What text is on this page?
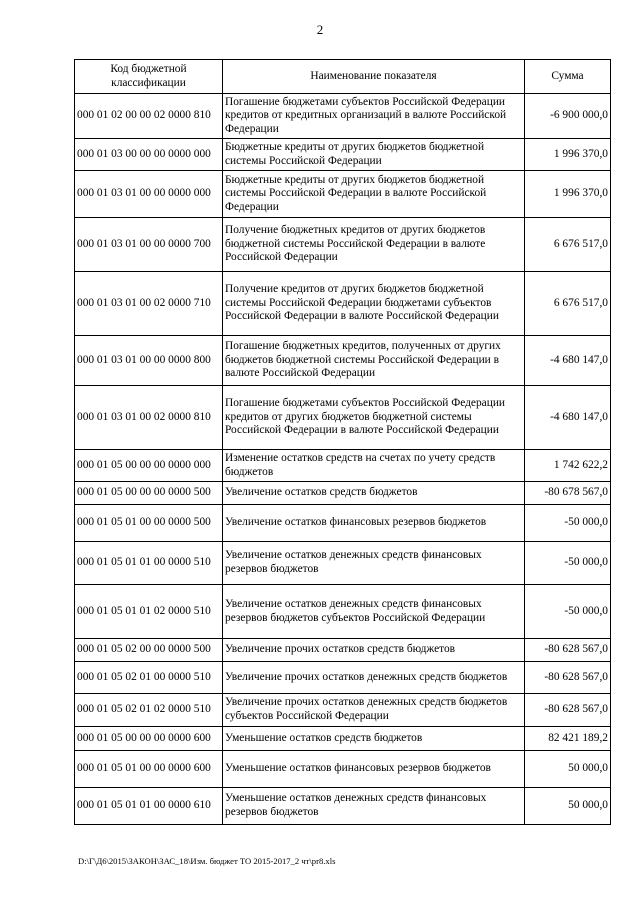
2
Код бюджетной классификации	Наименование показателя	Сумма
000 01 02 00 00 02 0000 810	Погашение бюджетами субъектов Российской Федерации кредитов от кредитных организаций в валюте Российской Федерации	-6 900 000,0
000 01 03 00 00 00 0000 000	Бюджетные кредиты от других бюджетов бюджетной системы Российской Федерации	1 996 370,0
000 01 03 01 00 00 0000 000	Бюджетные кредиты от других бюджетов бюджетной системы Российской Федерации в валюте Российской Федерации	1 996 370,0
000 01 03 01 00 00 0000 700	Получение бюджетных кредитов от других бюджетов бюджетной системы Российской Федерации в валюте Российской Федерации	6 676 517,0
000 01 03 01 00 02 0000 710	Получение кредитов от других бюджетов бюджетной системы Российской Федерации бюджетами субъектов Российской Федерации в валюте Российской Федерации	6 676 517,0
000 01 03 01 00 00 0000 800	Погашение бюджетных кредитов, полученных от других бюджетов бюджетной системы Российской Федерации в валюте Российской Федерации	-4 680 147,0
000 01 03 01 00 02 0000 810	Погашение бюджетами субъектов Российской Федерации кредитов от других бюджетов бюджетной системы Российской Федерации в валюте Российской Федерации	-4 680 147,0
000 01 05 00 00 00 0000 000	Изменение остатков средств на счетах по учету средств бюджетов	1 742 622,2
000 01 05 00 00 00 0000 500	Увеличение остатков средств бюджетов	-80 678 567,0
000 01 05 01 00 00 0000 500	Увеличение остатков финансовых резервов бюджетов	-50 000,0
000 01 05 01 01 00 0000 510	Увеличение остатков денежных средств финансовых резервов бюджетов	-50 000,0
000 01 05 01 01 02 0000 510	Увеличение остатков денежных средств финансовых резервов бюджетов субъектов Российской Федерации	-50 000,0
000 01 05 02 00 00 0000 500	Увеличение прочих остатков средств бюджетов	-80 628 567,0
000 01 05 02 01 00 0000 510	Увеличение прочих остатков денежных средств бюджетов	-80 628 567,0
000 01 05 02 01 02 0000 510	Увеличение прочих остатков денежных средств бюджетов субъектов Российской Федерации	-80 628 567,0
000 01 05 00 00 00 0000 600	Уменьшение остатков средств бюджетов	82 421 189,2
000 01 05 01 00 00 0000 600	Уменьшение остатков финансовых резервов бюджетов	50 000,0
000 01 05 01 01 00 0000 610	Уменьшение остатков денежных средств финансовых резервов бюджетов	50 000,0
D:\Г\Д6\2015\ЗАКОН\ЗАС_18\Изм. бюджет ТО 2015-2017_2 чт\pr8.xls
